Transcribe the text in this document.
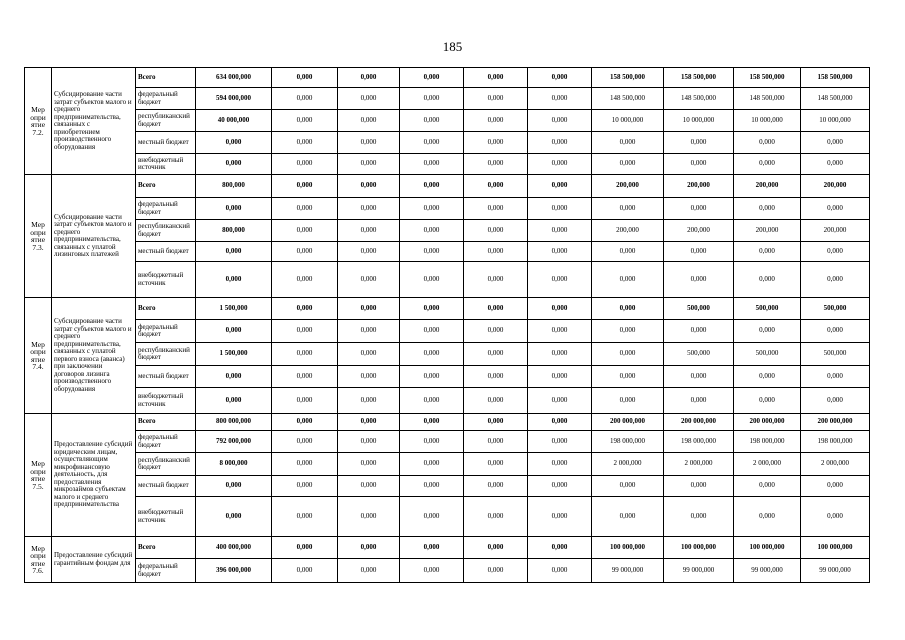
185
Мер
опри
ятие
7.2.	Субсидирование части затрат субъектов малого и среднего предпринимательства, связанных с приобретением производственного оборудования	Всего	634 000,000	0,000	0,000	0,000	0,000	0,000	158 500,000	158 500,000	158 500,000	158 500,000
		федеральный бюджет	594 000,000	0,000	0,000	0,000	0,000	0,000	148 500,000	148 500,000	148 500,000	148 500,000
		республиканский бюджет	40 000,000	0,000	0,000	0,000	0,000	0,000	10 000,000	10 000,000	10 000,000	10 000,000
		местный бюджет	0,000	0,000	0,000	0,000	0,000	0,000	0,000	0,000	0,000	0,000
		внебюджетный источник	0,000	0,000	0,000	0,000	0,000	0,000	0,000	0,000	0,000	0,000
Мер
опри
ятие
7.3.	Субсидирование части затрат субъектов малого и среднего предпринимательства, связанных с уплатой лизинговых платежей	Всего	800,000	0,000	0,000	0,000	0,000	0,000	200,000	200,000	200,000	200,000
		федеральный бюджет	0,000	0,000	0,000	0,000	0,000	0,000	0,000	0,000	0,000	0,000
		республиканский бюджет	800,000	0,000	0,000	0,000	0,000	0,000	200,000	200,000	200,000	200,000
		местный бюджет	0,000	0,000	0,000	0,000	0,000	0,000	0,000	0,000	0,000	0,000
		внебюджетный источник	0,000	0,000	0,000	0,000	0,000	0,000	0,000	0,000	0,000	0,000
Мер
опри
ятие
7.4.	Субсидирование части затрат субъектов малого и среднего предпринимательства, связанных с уплатой первого взноса (аванса) при заключении договоров лизинга производственного оборудования	Всего	1 500,000	0,000	0,000	0,000	0,000	0,000	0,000	500,000	500,000	500,000
		федеральный бюджет	0,000	0,000	0,000	0,000	0,000	0,000	0,000	0,000	0,000	0,000
		республиканский бюджет	1 500,000	0,000	0,000	0,000	0,000	0,000	0,000	500,000	500,000	500,000
		местный бюджет	0,000	0,000	0,000	0,000	0,000	0,000	0,000	0,000	0,000	0,000
		внебюджетный источник	0,000	0,000	0,000	0,000	0,000	0,000	0,000	0,000	0,000	0,000
Мер
опри
ятие
7.5.	Предоставление субсидий юридическим лицам, осуществляющим микрофинансовую деятельность, для предоставления микрозаймов субъектам малого и среднего предпринимательства	Всего	800 000,000	0,000	0,000	0,000	0,000	0,000	200 000,000	200 000,000	200 000,000	200 000,000
		федеральный бюджет	792 000,000	0,000	0,000	0,000	0,000	0,000	198 000,000	198 000,000	198 000,000	198 000,000
		республиканский бюджет	8 000,000	0,000	0,000	0,000	0,000	0,000	2 000,000	2 000,000	2 000,000	2 000,000
		местный бюджет	0,000	0,000	0,000	0,000	0,000	0,000	0,000	0,000	0,000	0,000
		внебюджетный источник	0,000	0,000	0,000	0,000	0,000	0,000	0,000	0,000	0,000	0,000
Мер
опри
ятие
7.6.	Предоставление субсидий гарантийным фондам для	Всего	400 000,000	0,000	0,000	0,000	0,000	0,000	100 000,000	100 000,000	100 000,000	100 000,000
		федеральный бюджет	396 000,000	0,000	0,000	0,000	0,000	0,000	99 000,000	99 000,000	99 000,000	99 000,000
